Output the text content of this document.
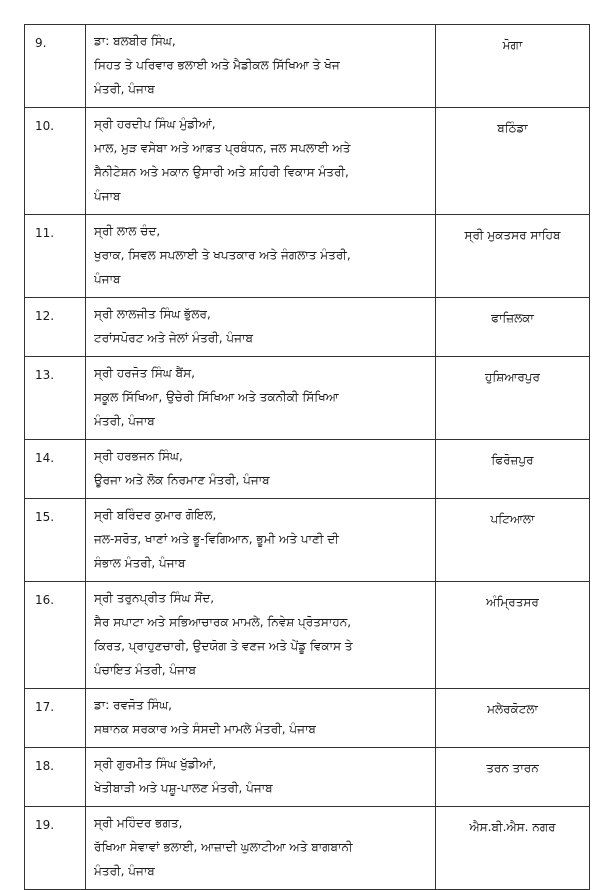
9.	ਡਾ: ਬਲਬੀਰ ਸਿੰਘ,
ਸਿਹਤ ਤੇ ਪਰਿਵਾਰ ਭਲਾਈ ਅਤੇ ਮੈਡੀਕਲ ਸਿੱਖਿਆ ਤੇ ਖੋਜ
ਮੰਤਰੀ, ਪੰਜਾਬ	ਮੋਗਾ
10.	ਸ੍ਰੀ ਹਰਦੀਪ ਸਿੰਘ ਮੁੰਡੀਆਂ,
ਮਾਲ, ਮੁੜ ਵਸੇਬਾ ਅਤੇ ਆਫ਼ਤ ਪ੍ਰਬੰਧਨ, ਜਲ ਸਪਲਾਈ ਅਤੇ
ਸੈਨੀਟੇਸ਼ਨ ਅਤੇ ਮਕਾਨ ਉਸਾਰੀ ਅਤੇ ਸ਼ਹਿਰੀ ਵਿਕਾਸ ਮੰਤਰੀ,
ਪੰਜਾਬ	ਬਠਿੰਡਾ
11.	ਸ੍ਰੀ ਲਾਲ ਚੰਦ,
ਖੁਰਾਕ, ਸਿਵਲ ਸਪਲਾਈ ਤੇ ਖਪਤਕਾਰ ਅਤੇ ਜੰਗਲਾਤ ਮੰਤਰੀ,
ਪੰਜਾਬ	ਸ੍ਰੀ ਮੁਕਤਸਰ ਸਾਹਿਬ
12.	ਸ੍ਰੀ ਲਾਲਜੀਤ ਸਿੰਘ ਭੁੱਲਰ,
ਟਰਾਂਸਪੋਰਟ ਅਤੇ ਜੇਲਾਂ ਮੰਤਰੀ, ਪੰਜਾਬ	ਫਾਜ਼ਿਲਕਾ
13.	ਸ੍ਰੀ ਹਰਜੋਤ ਸਿੰਘ ਬੈਂਸ,
ਸਕੂਲ ਸਿੱਖਿਆ, ਉਚੇਰੀ ਸਿੱਖਿਆ ਅਤੇ ਤਕਨੀਕੀ ਸਿੱਖਿਆ
ਮੰਤਰੀ, ਪੰਜਾਬ	ਹੁਸ਼ਿਆਰਪੁਰ
14.	ਸ੍ਰੀ ਹਰਭਜਨ ਸਿੰਘ,
ਊਰਜਾ ਅਤੇ ਲੋਕ ਨਿਰਮਾਣ ਮੰਤਰੀ, ਪੰਜਾਬ	ਫਿਰੋਜ਼ਪੁਰ
15.	ਸ੍ਰੀ ਬਰਿੰਦਰ ਕੁਮਾਰ ਗੋਇਲ,
ਜਲ-ਸਰੋਤ, ਖਾਣਾਂ ਅਤੇ ਭੂ-ਵਿਗਿਆਨ, ਭੂਮੀ ਅਤੇ ਪਾਣੀ ਦੀ
ਸੰਭਾਲ ਮੰਤਰੀ, ਪੰਜਾਬ	ਪਟਿਆਲਾ
16.	ਸ੍ਰੀ ਤਰੁਨਪ੍ਰੀਤ ਸਿੰਘ ਸੌਂਦ,
ਸੈਰ ਸਪਾਟਾ ਅਤੇ ਸਭਿਆਚਾਰਕ ਮਾਮਲੇ, ਨਿਵੇਸ਼ ਪ੍ਰੋਤਸਾਹਨ,
ਕਿਰਤ, ਪ੍ਰਾਹੁਣਚਾਰੀ, ਉਦਯੋਗ ਤੇ ਵਣਜ ਅਤੇ ਪੇਂਡੂ ਵਿਕਾਸ ਤੇ
ਪੰਚਾਇਤ ਮੰਤਰੀ, ਪੰਜਾਬ	ਅੰਮ੍ਰਿਤਸਰ
17.	ਡਾ: ਰਵਜੋਤ ਸਿੰਘ,
ਸਥਾਨਕ ਸਰਕਾਰ ਅਤੇ ਸੰਸਦੀ ਮਾਮਲੇ ਮੰਤਰੀ, ਪੰਜਾਬ	ਮਲੇਰਕੋਟਲਾ
18.	ਸ੍ਰੀ ਗੁਰਮੀਤ ਸਿੰਘ ਖੁੱਡੀਆਂ,
ਖੇਤੀਬਾੜੀ ਅਤੇ ਪਸ਼ੂ-ਪਾਲਣ ਮੰਤਰੀ, ਪੰਜਾਬ	ਤਰਨ ਤਾਰਨ
19.	ਸ੍ਰੀ ਮਹਿੰਦਰ ਭਗਤ,
ਰੱਖਿਆ ਸੇਵਾਵਾਂ ਭਲਾਈ, ਆਜ਼ਾਦੀ ਘੁਲਾਟੀਆ ਅਤੇ ਬਾਗਬਾਨੀ
ਮੰਤਰੀ, ਪੰਜਾਬ	ਐਸ.ਬੀ.ਐਸ. ਨਗਰ
